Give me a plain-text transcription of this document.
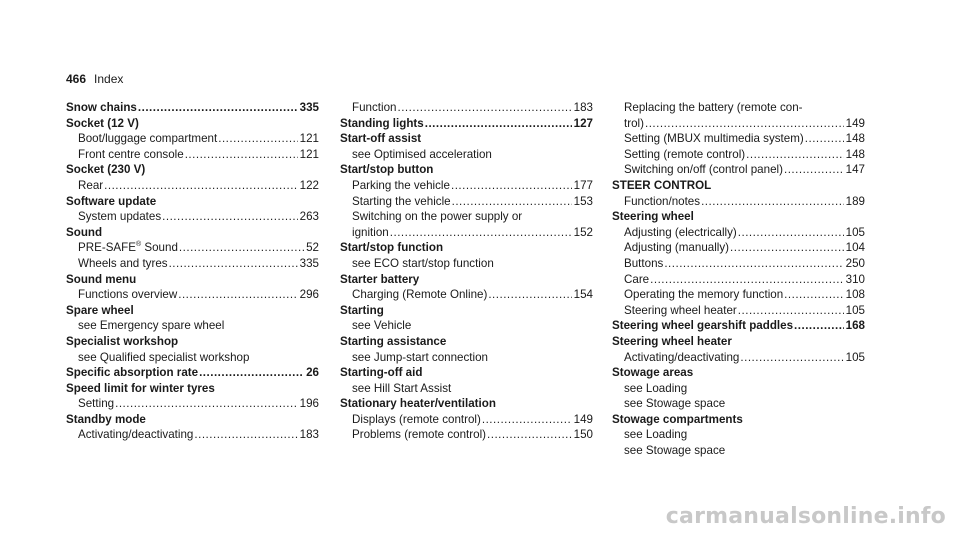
466 Index
Snow chains .....	335
Socket (12 V)
Boot/luggage compartment .....	121
Front centre console .....	121
Socket (230 V)
Rear .....	122
Software update
System updates .....	263
Sound
PRE-SAFE® Sound .....	52
Wheels and tyres .....	335
Sound menu
Functions overview .....	296
Spare wheel
see Emergency spare wheel
Specialist workshop
see Qualified specialist workshop
Specific absorption rate .....	26
Speed limit for winter tyres
Setting .....	196
Standby mode
Activating/deactivating .....	183
Function .....	183
Standing lights .....	127
Start-off assist
see Optimised acceleration
Start/stop button
Parking the vehicle .....	177
Starting the vehicle .....	153
Switching on the power supply or
ignition .....	152
Start/stop function
see ECO start/stop function
Starter battery
Charging (Remote Online) .....	154
Starting
see Vehicle
Starting assistance
see Jump-start connection
Starting-off aid
see Hill Start Assist
Stationary heater/ventilation
Displays (remote control) .....	149
Problems (remote control) .....	150
Replacing the battery (remote con-
trol) .....	149
Setting (MBUX multimedia system) .....	148
Setting (remote control) .....	148
Switching on/off (control panel) .....	147
STEER CONTROL
Function/notes .....	189
Steering wheel
Adjusting (electrically) .....	105
Adjusting (manually) .....	104
Buttons .....	250
Care .....	310
Operating the memory function .....	108
Steering wheel heater .....	105
Steering wheel gearshift paddles .....	168
Steering wheel heater
Activating/deactivating .....	105
Stowage areas
see Loading
see Stowage space
Stowage compartments
see Loading
see Stowage space
carmanualsonline.info
